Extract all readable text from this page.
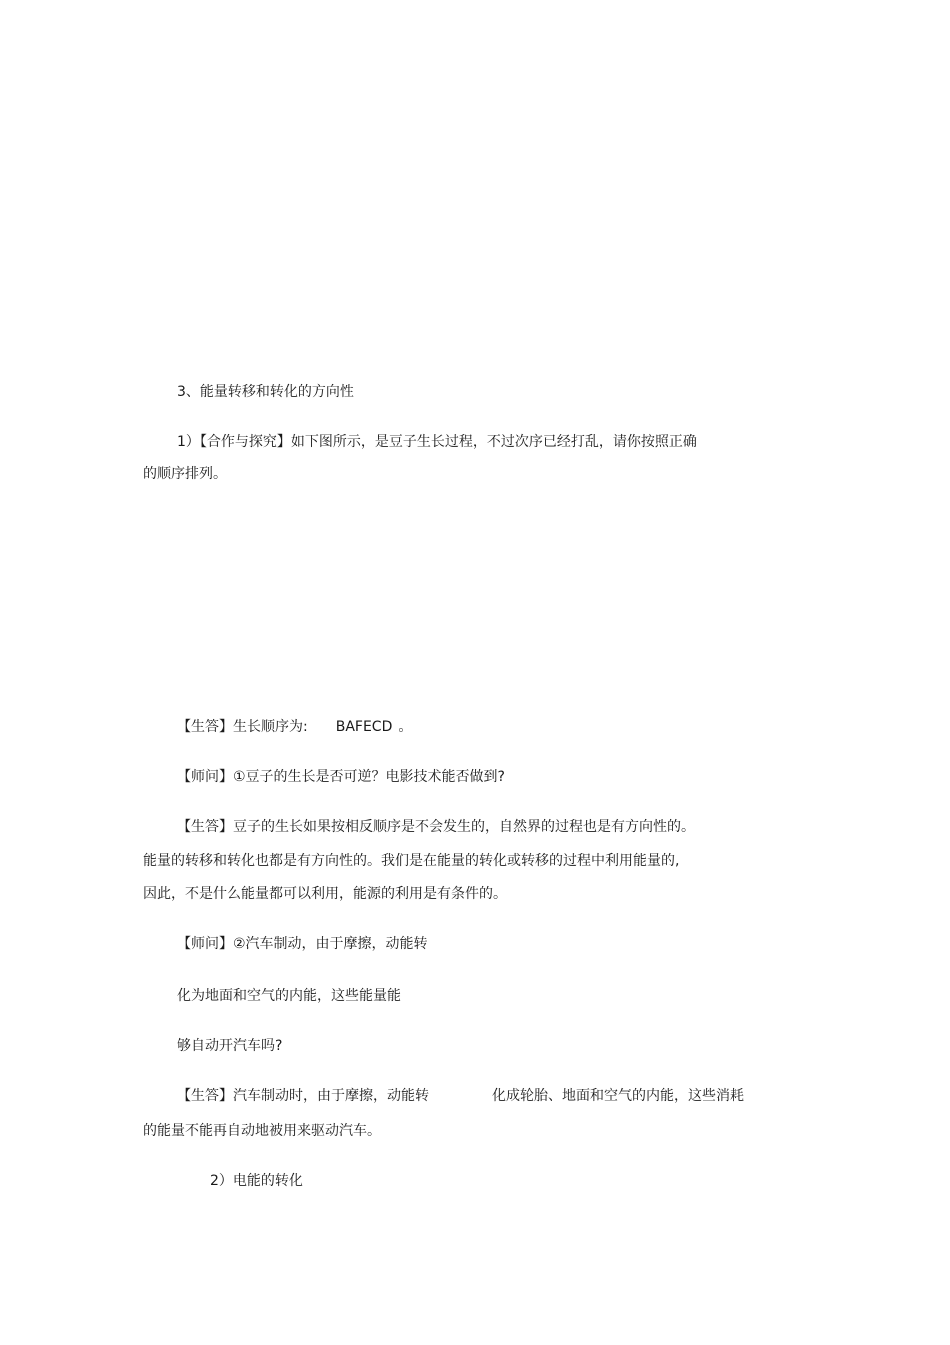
3、能量转移和转化的方向性
1）【合作与探究】如下图所示，是豆子生长过程，不过次序已经打乱，请你按照正确
的顺序排列。
【生答】生长顺序为: BAFECD 。
【师问】①豆子的生长是否可逆？电影技术能否做到?
【生答】豆子的生长如果按相反顺序是不会发生的，自然界的过程也是有方向性的。
能量的转移和转化也都是有方向性的。我们是在能量的转化或转移的过程中利用能量的,
因此，不是什么能量都可以利用，能源的利用是有条件的。
【师问】②汽车制动，由于摩擦，动能转
化为地面和空气的内能，这些能量能
够自动开汽车吗?
【生答】汽车制动时，由于摩擦，动能转	化成轮胎、地面和空气的内能，这些消耗
的能量不能再自动地被用来驱动汽车。
2）电能的转化
